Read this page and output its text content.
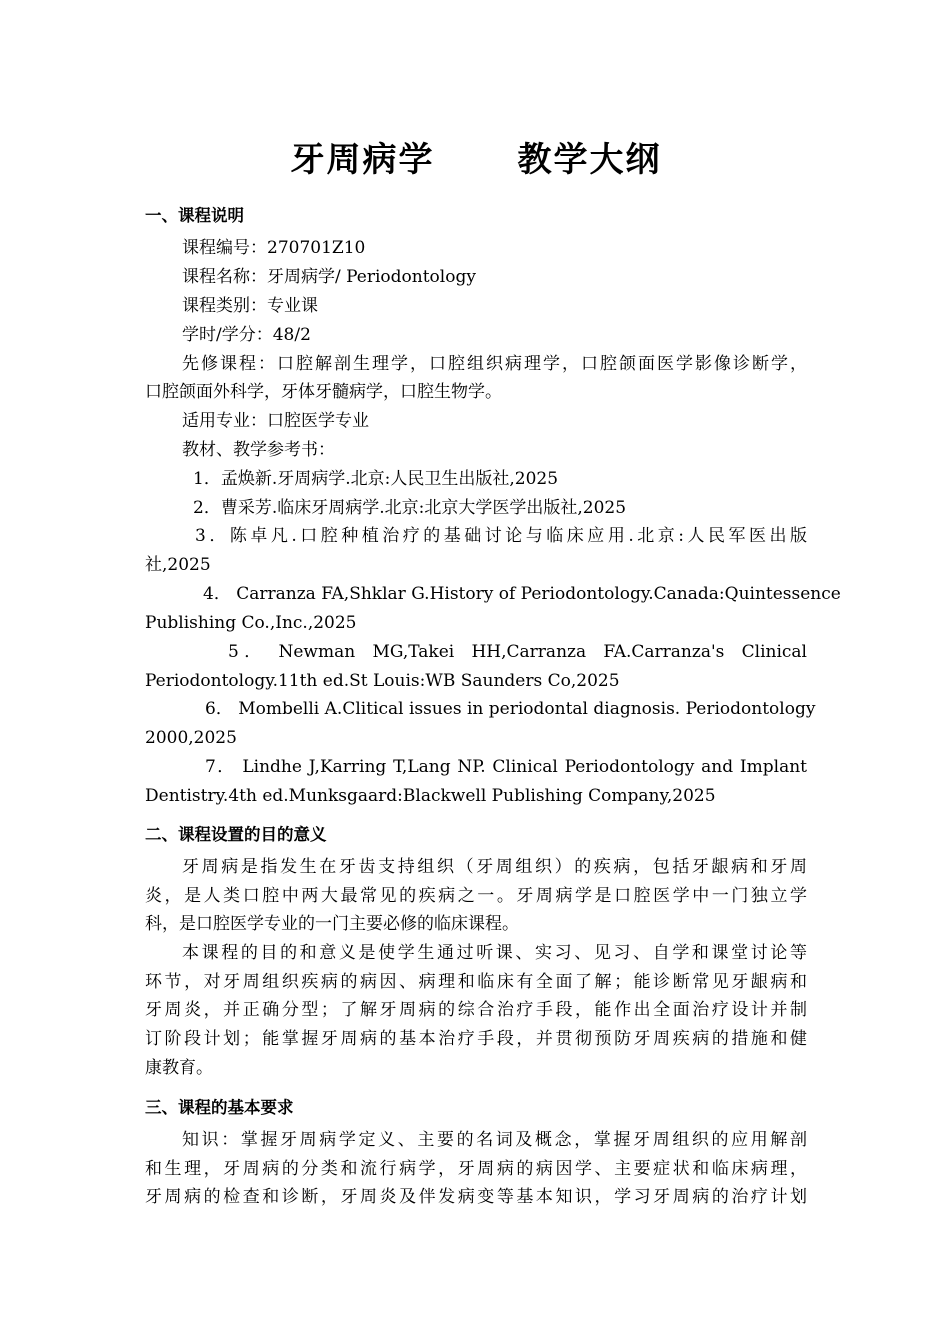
牙周病学      教学大纲
一、课程说明
课程编号：270701Z10
课程名称：牙周病学/ Periodontology
课程类别：专业课
学时/学分：48/2
先修课程：口腔解剖生理学，口腔组织病理学，口腔颌面医学影像诊断学，
口腔颌面外科学，牙体牙髓病学，口腔生物学。
适用专业：口腔医学专业
教材、教学参考书：
1．孟焕新.牙周病学.北京:人民卫生出版社,2025
2．曹采芳.临床牙周病学.北京:北京大学医学出版社,2025
3．陈卓凡.口腔种植治疗的基础讨论与临床应用.北京:人民军医出版
社,2025
4． Carranza FA,Shklar G.History of Periodontology.Canada:Quintessence
Publishing Co.,Inc.,2025
5 ． Newman MG,Takei HH,Carranza FA.Carranza's Clinical
Periodontology.11th ed.St Louis:WB Saunders Co,2025
6． Mombelli A.Clitical issues in periodontal diagnosis. Periodontology
2000,2025
7． Lindhe J,Karring T,Lang NP. Clinical Periodontology and Implant
Dentistry.4th ed.Munksgaard:Blackwell Publishing Company,2025
二、课程设置的目的意义
牙周病是指发生在牙齿支持组织（牙周组织）的疾病，包括牙龈病和牙周
炎，是人类口腔中两大最常见的疾病之一。牙周病学是口腔医学中一门独立学
科，是口腔医学专业的一门主要必修的临床课程。
本课程的目的和意义是使学生通过听课、实习、见习、自学和课堂讨论等
环节，对牙周组织疾病的病因、病理和临床有全面了解；能诊断常见牙龈病和
牙周炎，并正确分型；了解牙周病的综合治疗手段，能作出全面治疗设计并制
订阶段计划；能掌握牙周病的基本治疗手段，并贯彻预防牙周疾病的措施和健
康教育。
三、课程的基本要求
知识：掌握牙周病学定义、主要的名词及概念，掌握牙周组织的应用解剖
和生理，牙周病的分类和流行病学，牙周病的病因学、主要症状和临床病理，
牙周病的检查和诊断，牙周炎及伴发病变等基本知识，学习牙周病的治疗计划
